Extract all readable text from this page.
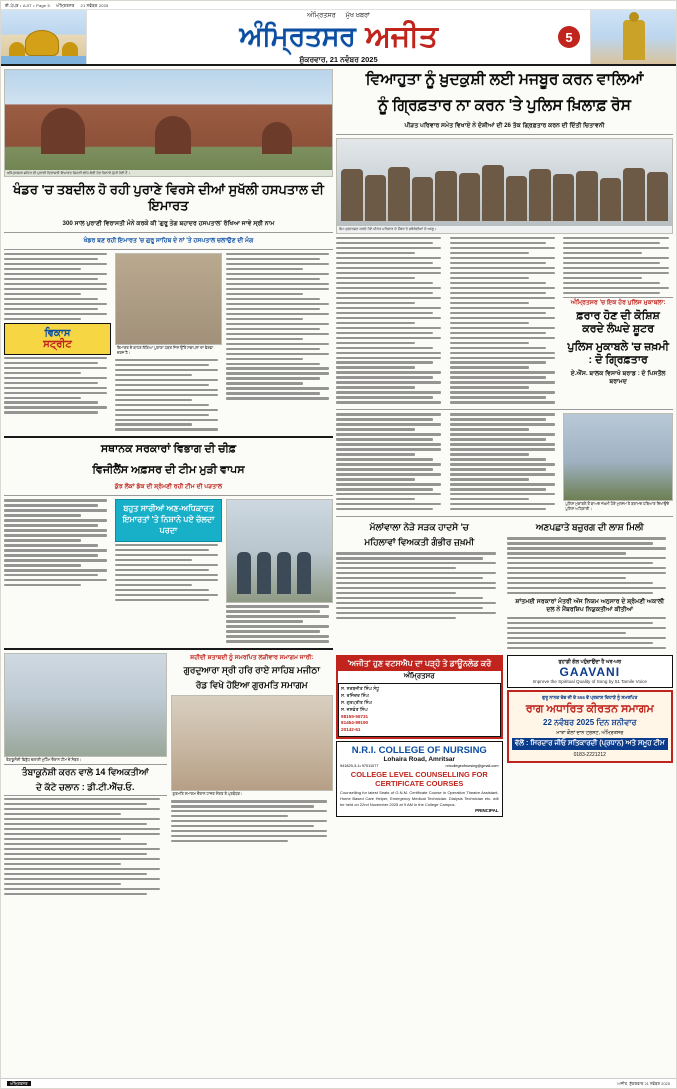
ਈ-ਪੇਪਰ • AJIT • Page 5 ਅੰਮ੍ਰਿਤਸਰ 21 ਨਵੰਬਰ 2025
ਅੰਮ੍ਰਿਤਸਰ ਮੁੱਖ ਖ਼ਬਰਾਂ
ਅੰਮ੍ਰਿਤਸਰ ਅਜੀਤ
ਸ਼ੁੱਕਰਵਾਰ, 21 ਨਵੰਬਰ 2025
5
ਅੰਮ੍ਰਿਤਸਰ ਸ਼ਹਿਰ ਦੀ ਪੁਰਾਣੀ ਵਿਰਾਸਤੀ ਇਮਾਰਤ ਜਿਹੜੀ ਢਹਿ-ਢੇਰੀ ਹੋਣ ਕਿਨਾਰੇ ਪੁੱਜੀ ਹੋਈ ਹੈ।
ਖੰਡਰ 'ਚ ਤਬਦੀਲ ਹੋ ਰਹੀ ਪੁਰਾਣੇ ਵਿਰਸੇ ਦੀਆਂ ਸੁਖੱਲੀ ਹਸਪਤਾਲ ਦੀ ਇਮਾਰਤ
300 ਸਾਲ ਪੁਰਾਣੀ ਵਿਰਾਸਤੀ ਮੰਨੇ ਕਰਕੇ ਕੀ 'ਗੁਰੂ ਤੇਗ ਬਹਾਦਰ ਹਸਪਤਾਲ' ਰੱਖਿਆ ਜਾਵੇ ਸ੍ਰੀ ਨਾਮ
ਖੰਡਰ ਬਣ ਰਹੀ ਇਮਾਰਤ 'ਚ ਗੁਰੂ ਸਾਹਿਬ ਦੇ ਨਾਂ 'ਤੇ ਹਸਪਤਾਲ ਚਲਾਉਣ ਦੀ ਮੰਗ
ਵਿਕਾਸ
ਸਟ੍ਰੀਟ	ਇਮਾਰਤ ਦੇ ਬਾਹਰ ਲੱਗਿਆ ਪੁਰਾਣਾ ਪੱਥਰ ਜਿਸ ਉੱਤੇ ਸਥਾਪਨਾ ਦਾ ਵੇਰਵਾ ਦਰਜ ਹੈ।
ਸਥਾਨਕ ਸਰਕਾਰਾਂ ਵਿਭਾਗ ਦੀ ਚੀਫ਼
ਵਿਜੀਲੈਂਸ ਅਫ਼ਸਰ ਦੀ ਟੀਮ ਮੁੜੀ ਵਾਪਸ
ਕੁੱਝ ਲੋਕਾਂ ਡੱਕ ਦੀ ਸ਼੍ਰੋਮਣੀ ਰਹੀ ਟੀਮ ਦੀ ਪੜਤਾਲ
ਬਹੁਤ ਸਾਰੀਆਂ ਅਣ-ਅਧਿਕਾਰਤ ਇਮਾਰਤਾਂ 'ਤੇ ਨਿਸ਼ਾਨੇ ਪਏ ਚੱਲਦਾ ਪਰਦਾ
ਤੰਬਾਕੂਨੋਸ਼ੀ ਵਿਰੁੱਧ ਚਲਾਈ ਮੁਹਿੰਮ ਦੌਰਾਨ ਟੀਮ ਦੇ ਮੈਂਬਰ।
ਤੰਬਾਕੂਨੋਸ਼ੀ ਕਰਨ ਵਾਲੇ 14 ਵਿਅਕਤੀਆਂ
ਦੇ ਕੱਟੇ ਚਲਾਨ : ਡੀ.ਟੀ.ਐੱਚ.ਓ.
ਸ਼ਹੀਦੀ ਸ਼ਤਾਬਦੀ ਨੂੰ ਸਮਰਪਿਤ ਲੜੀਵਾਰ ਸਮਾਗਮ ਜਾਰੀ:
ਗੁਰਦੁਆਰਾ ਸ੍ਰੀ ਹਰਿ ਰਾਏ ਸਾਹਿਬ ਮਜੀਠਾ
ਰੋਡ ਵਿਖੇ ਹੋਇਆ ਗੁਰਮਤਿ ਸਮਾਗਮ
ਗੁਰਮਤਿ ਸਮਾਗਮ ਦੌਰਾਨ ਹਾਜ਼ਰ ਸੰਗਤ ਤੇ ਪ੍ਰਬੰਧਕ।
ਵਿਆਹੁਤਾ ਨੂੰ ਖ਼ੁਦਕੁਸ਼ੀ ਲਈ ਮਜਬੂਰ ਕਰਨ ਵਾਲਿਆਂ
ਨੂੰ ਗ੍ਰਿਫ਼ਤਾਰ ਨਾ ਕਰਨ 'ਤੇ ਪੁਲਿਸ ਖ਼ਿਲਾਫ਼ ਰੋਸ
ਪੀੜਤ ਪਰਿਵਾਰ ਸਮੇਤ ਵਿਖਾਏ ਨੇ ਦੋਸ਼ੀਆਂ ਦੀ 26 ਤੱਕ ਗ੍ਰਿਫ਼ਤਾਰ ਕਰਨ ਦੀ ਦਿੱਤੀ ਚਿਤਾਵਨੀ
ਰੋਸ ਪ੍ਰਦਰਸ਼ਨ ਕਰਦੇ ਹੋਏ ਪੀੜਤ ਪਰਿਵਾਰ ਦੇ ਮੈਂਬਰ ਤੇ ਜਥੇਬੰਦੀਆਂ ਦੇ ਆਗੂ।
ਅੰਮ੍ਰਿਤਸਰ 'ਚ ਇਕ ਹੋਰ ਪੁਲਿਸ ਮੁਕਾਬਲਾ:
ਫ਼ਰਾਰ ਹੋਣ ਦੀ ਕੋਸ਼ਿਸ਼ ਕਰਦੇ ਲੰਘਦੇ ਸ਼ੂਟਰ
ਪੁਲਿਸ ਮੁਕਾਬਲੇ 'ਚ ਜ਼ਖ਼ਮੀ : ਦੋ ਗ੍ਰਿਫ਼ਤਾਰ
ਏ.ਐੱਸ. ਬਾਲਕ ਵਿਸਾਖੋ ਬਰਾਡ : ਦੋ ਪਿਸਤੌਲ ਬਰਾਮਦ
ਪੁਲਿਸ ਮੁਕਾਬਲੇ ਤੋਂ ਬਾਅਦ ਜ਼ਖ਼ਮੀ ਹੋਏ ਮੁਲਜ਼ਮ ਤੇ ਬਰਾਮਦ ਹਥਿਆਰ ਦਿਖਾਉਂਦੇ ਪੁਲਿਸ ਅਧਿਕਾਰੀ।
ਮੱਲਾਂਵਾਲਾ ਨੇੜੇ ਸੜਕ ਹਾਦਸੇ 'ਚ
ਮਹਿਲਾਵਾਂ ਵਿਅਕਤੀ ਗੰਭੀਰ ਜ਼ਖ਼ਮੀ
ਅਣਪਛਾਤੇ ਬਜ਼ੁਰਗ ਦੀ ਲਾਸ਼ ਮਿਲੀ
ਸ਼ਾਂਤਮਈ ਸਰਕਾਰਾਂ ਮੰਤਰੀ ਅੱਜ ਨਿਯਮ ਅਨੁਸਾਰ ਦੇ ਸ਼੍ਰੋਮਣੀ ਅਕਾਲੀ ਦਲ ਨੇ ਮੈਂਬਰਸ਼ਿਪ ਨਿਯੁਕਤੀਆਂ ਕੀਤੀਆਂ
'ਅਜੀਤ' ਹੁਣ ਵਟਸਐਪ ਦਾ ਪੜ੍ਹੋ ਤੇ ਡਾਊਨਲੋਡ ਕਰੋ
ਅੰਮ੍ਰਿਤਸਰ
ਸ. ਸਰਬਜੀਤ ਸਿੰਘ ਸੰਧੂ
ਸ. ਰਜਿੰਦਰ ਸਿੰਘ
ਸ. ਗੁਰਪ੍ਰੀਤ ਸਿੰਘ
ਸ. ਜਸਵੰਤ ਸਿੰਘ
98159-55731
81464-89190
20142-61
N.R.I. COLLEGE OF NURSING
Lohaira Road, Amritsar
941829-3-1• 97011077	nricollegeofnursing@gmail.com
COLLEGE LEVEL COUNSELLING FOR CERTIFICATE COURSES
Counselling for latest Seats of G.N.M. Certificate Course in Operation Theatre Assistant, Home Based Care Helper, Emergency Medical Technician. Dialysis Technician etc. will be held on 22nd November 2025 at 9 AM in the College Campus.
PRINCIPAL
ਤੁਹਾਡੀ ਗੱਲ ਪਹੁੰਚਾਉਂਦਾ ਹੈ ਘਰ-ਘਰ
GAAVANI
Improve the Spiritual Quality of Song by 51 Tamile Voice
ਗੁਰੂ ਨਾਨਕ ਦੇਵ ਜੀ ਦੇ 556 ਵੇਂ ਪ੍ਰਕਾਸ਼ ਦਿਹਾੜੇ ਨੂੰ ਸਮਰਪਿਤ
ਰਾਗ ਅਧਾਰਿਤ ਕੀਰਤਨ ਸਮਾਗਮ
22 ਨਵੰਬਰ 2025 ਦਿਨ ਸ਼ਨੀਵਾਰ
ਮਾਤਾ ਕੌਲਾਂ ਦਾਨ ਟ੍ਰਸਟ, ਅੰਮ੍ਰਿਤਸਰ
ਵੱਲੋਂ : ਸਿਰਦਾਰ ਜੀਓ ਸਤਿਕਾਰਦੀ (ਪ੍ਰਧਾਨ) ਅਤੇ ਸਮੂਹ ਟੀਮ
0183-2221212
ਅੰਮ੍ਰਿਤਸਰ	ਅਜੀਤ, ਸ਼ੁੱਕਰਵਾਰ 21 ਨਵੰਬਰ 2025
